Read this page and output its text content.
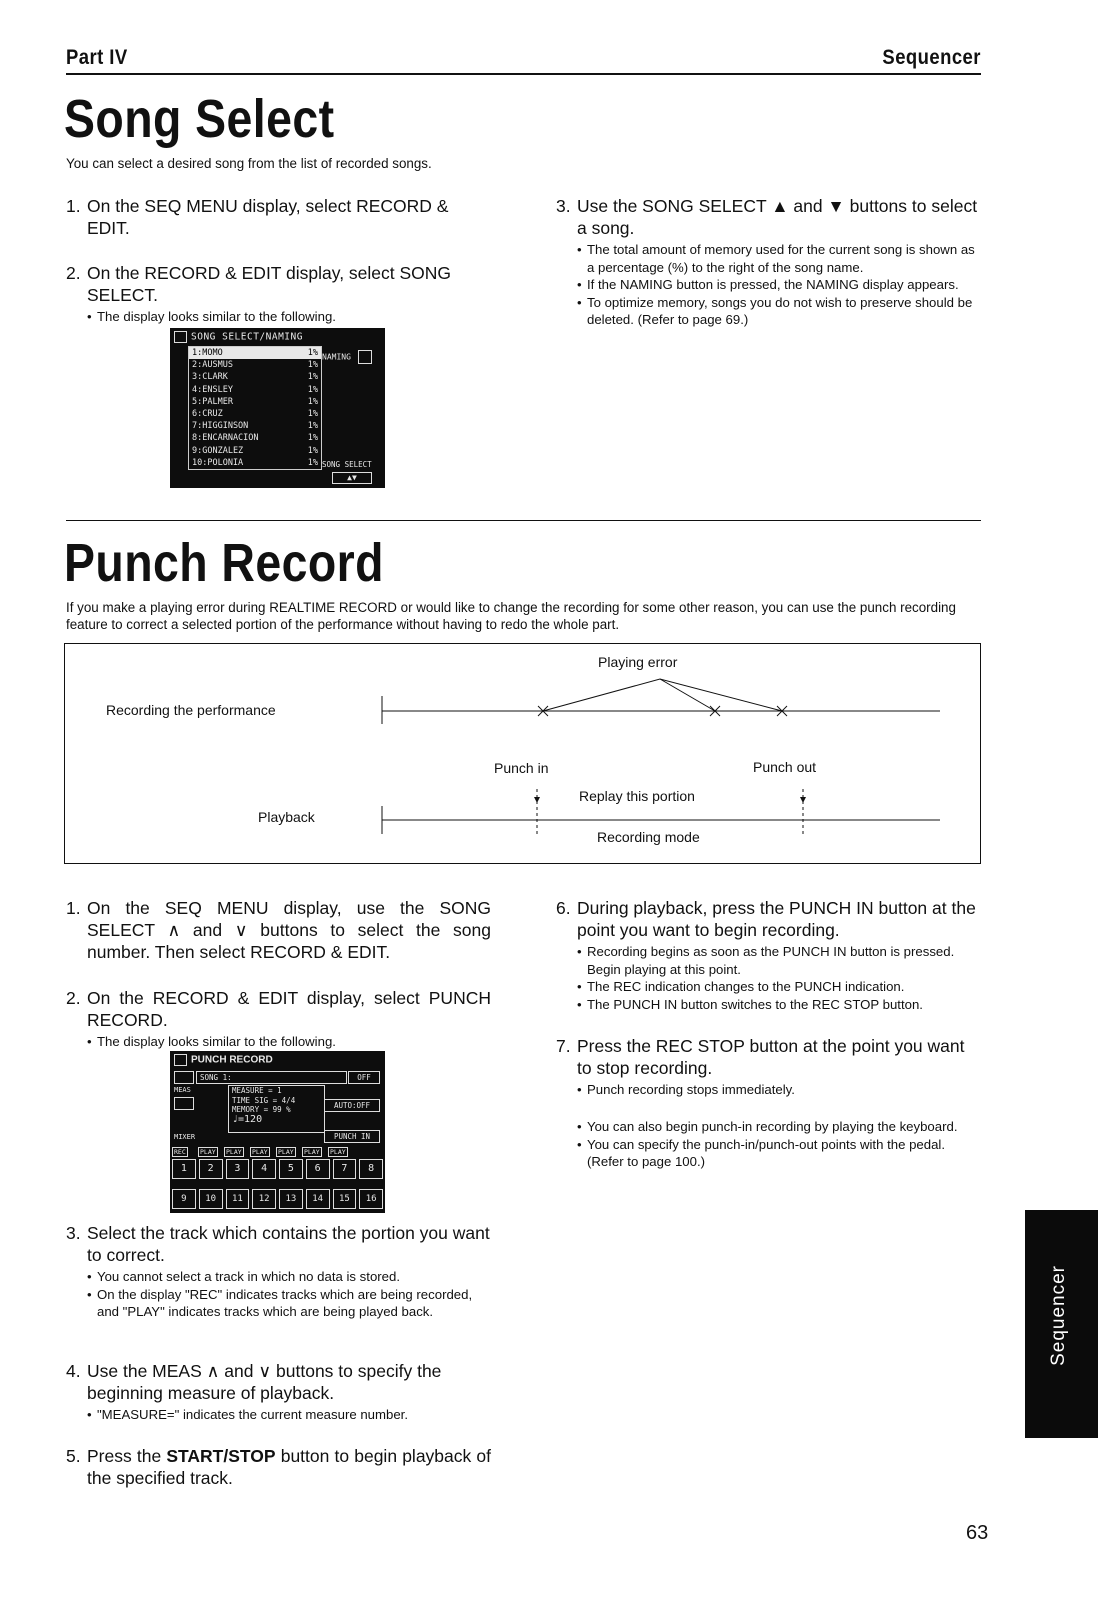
Part IV	Sequencer
Song Select
You can select a desired song from the list of recorded songs.
1. On the SEQ MENU display, select RECORD & EDIT.
2. On the RECORD & EDIT display, select SONG SELECT.
• The display looks similar to the following.
SONG SELECT/NAMING
1:MOMO	1%
2:AUSMUS	1%
3:CLARK	1%
4:ENSLEY	1%
5:PALMER	1%
6:CRUZ	1%
7:HIGGINSON	1%
8:ENCARNACION	1%
9:GONZALEZ	1%
10:POLONIA	1%
NAMING
SONG SELECT
▲▼
3. Use the SONG SELECT ▲ and ▼ buttons to select a song.
• The total amount of memory used for the current song is shown as a percentage (%) to the right of the song name.
• If the NAMING button is pressed, the NAMING display appears.
• To optimize memory, songs you do not wish to preserve should be deleted. (Refer to page 69.)
Punch Record
If you make a playing error during REALTIME RECORD or would like to change the recording for some other reason, you can use the punch recording feature to correct a selected portion of the performance without having to redo the whole part.
Playing error
Recording the performance
Punch in	Punch out
Replay this portion
Playback
Recording mode
1. On the SEQ MENU display, use the SONG SELECT ∧ and ∨ buttons to select the song number. Then select RECORD & EDIT.
2. On the RECORD & EDIT display, select PUNCH RECORD.
• The display looks similar to the following.
PUNCH RECORD
SONG 1:	OFF
MEAS	MEASURE = 1
TIME SIG = 4/4
MEMORY = 99 %
♩=120
AUTO:OFF
MIXER	PUNCH IN
REC	PLAY	PLAY	PLAY	PLAY	PLAY	PLAY
1	2	3	4	5	6	7	8
9	10	11	12	13	14	15	16
3. Select the track which contains the portion you want to correct.
• You cannot select a track in which no data is stored.
• On the display "REC" indicates tracks which are being recorded, and "PLAY" indicates tracks which are being played back.
4. Use the MEAS ∧ and ∨ buttons to specify the beginning measure of playback.
• "MEASURE=" indicates the current measure number.
5. Press the START/STOP button to begin playback of the specified track.
6. During playback, press the PUNCH IN button at the point you want to begin recording.
• Recording begins as soon as the PUNCH IN button is pressed. Begin playing at this point.
• The REC indication changes to the PUNCH indication.
• The PUNCH IN button switches to the REC STOP button.
7. Press the REC STOP button at the point you want to stop recording.
• Punch recording stops immediately.
• You can also begin punch-in recording by playing the keyboard.
• You can specify the punch-in/punch-out points with the pedal. (Refer to page 100.)
Sequencer
63
